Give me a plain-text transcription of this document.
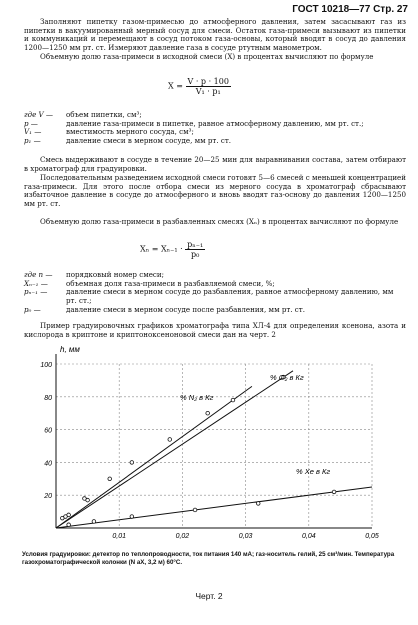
ГОСТ 10218—77 Стр. 27
Заполняют пипетку газом-примесью до атмосферного давления, затем засасывают газ из пипетки в вакуумированный мерный сосуд для смеси. Остаток газа-примеси вызывают из пипетки и коммуникаций и перемещают в сосуд потоком газа-основы, который вводят в сосуд до давления 1200—1250 мм рт. ст. Измеряют давление газа в сосуде ртутным манометром.
Объемную долю газа-примеси в исходной смеси (X) в процентах вычисляют по формуле
$X = \frac{V \cdot p \cdot 100}{\text{V₁ · p₁}}$
где V —	объем пипетки, см³;
p —	давление газа-примеси в пипетке, равное атмосферному давлению, мм рт. ст.;
V₁ —	вместимость мерного сосуда, см³;
p₁ —	давление смеси в мерном сосуде, мм рт. ст.
Смесь выдерживают в сосуде в течение 20—25 мин для выравнивания состава, затем отбирают в хроматограф для градуировки.
Последовательным разведением исходной смеси готовят 5—6 смесей с меньшей концентрацией газа-примеси. Для этого после отбора смеси из мерного сосуда в хроматограф сбрасывают избыточное давление в сосуде до атмосферного и вновь вводят газ-основу до давления 1200—1250 мм рт. ст.
Объемную долю газа-примеси в разбавленных смесях (Xₙ) в процентах вычисляют по формуле
$X_n = X_{n-1} \cdot \frac{\text{pₙ₋₁}}{\text{p₀}}$
где n —	порядковый номер смеси;
Xₙ₋₁ —	объемная доля газа-примеси в разбавляемой смеси, %;
pₙ₋₁ —	давление смеси в мерном сосуде до разбавления, равное атмосферному давлению, мм рт. ст.;
p₀ —	давление смеси в мерном сосуде после разбавления, мм рт. ст.
Пример градуировочных графиков хроматографа типа ХЛ-4 для определения ксенона, азота и кислорода в криптоне и криптоноксеноновой смеси дан на черт. 2
h, мм
20
40
60
80
100
0,01	0,02	0,03	0,04	0,05
% O₂ в Кг
% N₂ в Кг
% Xe в Кг
Условия градуировки: детектор по теплопроводности, ток питания 140 мА; газ-носитель гелий, 25 см³/мин. Температура газохроматографической колонки (N аХ, 3,2 м) 60°С.
Черт. 2
